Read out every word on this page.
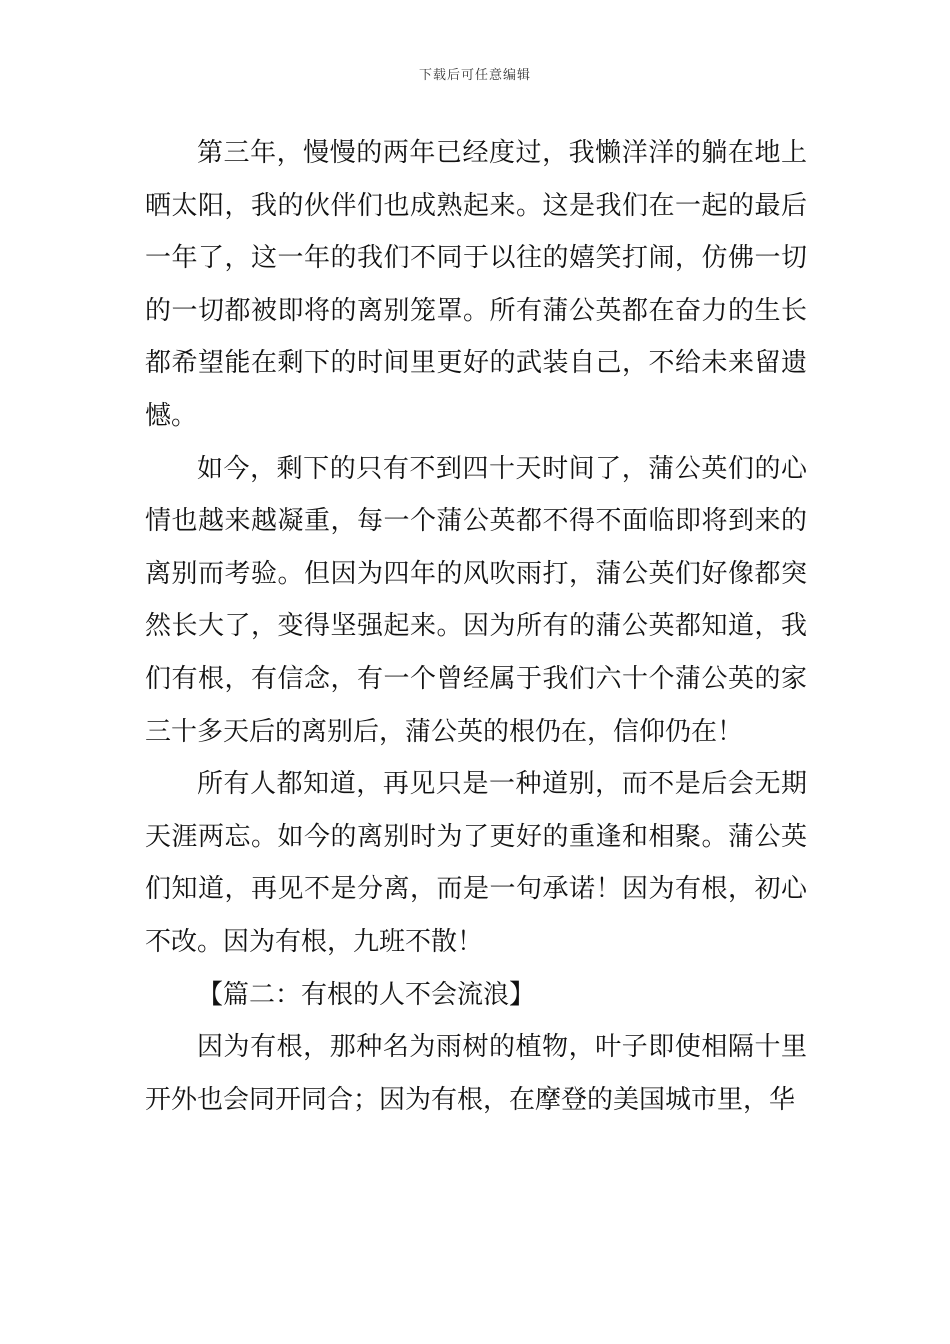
下载后可任意编辑

第三年，慢慢的两年已经度过，我懒洋洋的躺在地上晒太阳，我的伙伴们也成熟起来。这是我们在一起的最后一年了，这一年的我们不同于以往的嬉笑打闹，仿佛一切的一切都被即将的离别笼罩。所有蒲公英都在奋力的生长都希望能在剩下的时间里更好的武装自己，不给未来留遗憾。

如今，剩下的只有不到四十天时间了，蒲公英们的心情也越来越凝重，每一个蒲公英都不得不面临即将到来的离别而考验。但因为四年的风吹雨打，蒲公英们好像都突然长大了，变得坚强起来。因为所有的蒲公英都知道，我们有根，有信念，有一个曾经属于我们六十个蒲公英的家三十多天后的离别后，蒲公英的根仍在，信仰仍在！

所有人都知道，再见只是一种道别，而不是后会无期天涯两忘。如今的离别时为了更好的重逢和相聚。蒲公英们知道，再见不是分离，而是一句承诺！因为有根，初心不改。因为有根，九班不散！

【篇二：有根的人不会流浪】

因为有根，那种名为雨树的植物，叶子即使相隔十里开外也会同开同合；因为有根，在摩登的美国城市里，华
